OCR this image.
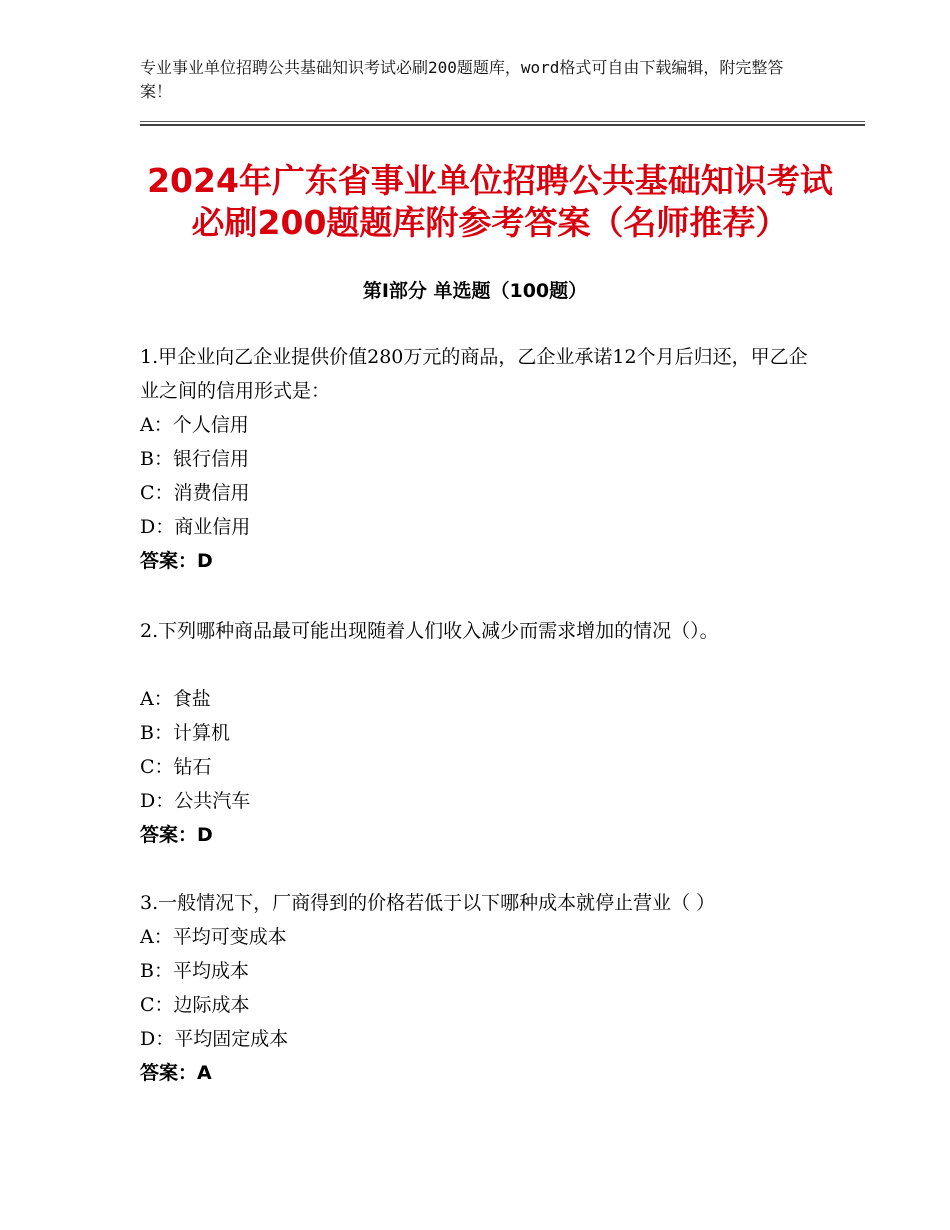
专业事业单位招聘公共基础知识考试必刷200题题库，word格式可自由下载编辑，附完整答案！
2024年广东省事业单位招聘公共基础知识考试必刷200题题库附参考答案（名师推荐）
第Ⅰ部分 单选题（100题）
1.甲企业向乙企业提供价值280万元的商品，乙企业承诺12个月后归还，甲乙企业之间的信用形式是：
A：个人信用
B：银行信用
C：消费信用
D：商业信用
答案：D
2.下列哪种商品最可能出现随着人们收入减少而需求增加的情况（）。
A：食盐
B：计算机
C：钻石
D：公共汽车
答案：D
3.一般情况下，厂商得到的价格若低于以下哪种成本就停止营业（ ）
A：平均可变成本
B：平均成本
C：边际成本
D：平均固定成本
答案：A
